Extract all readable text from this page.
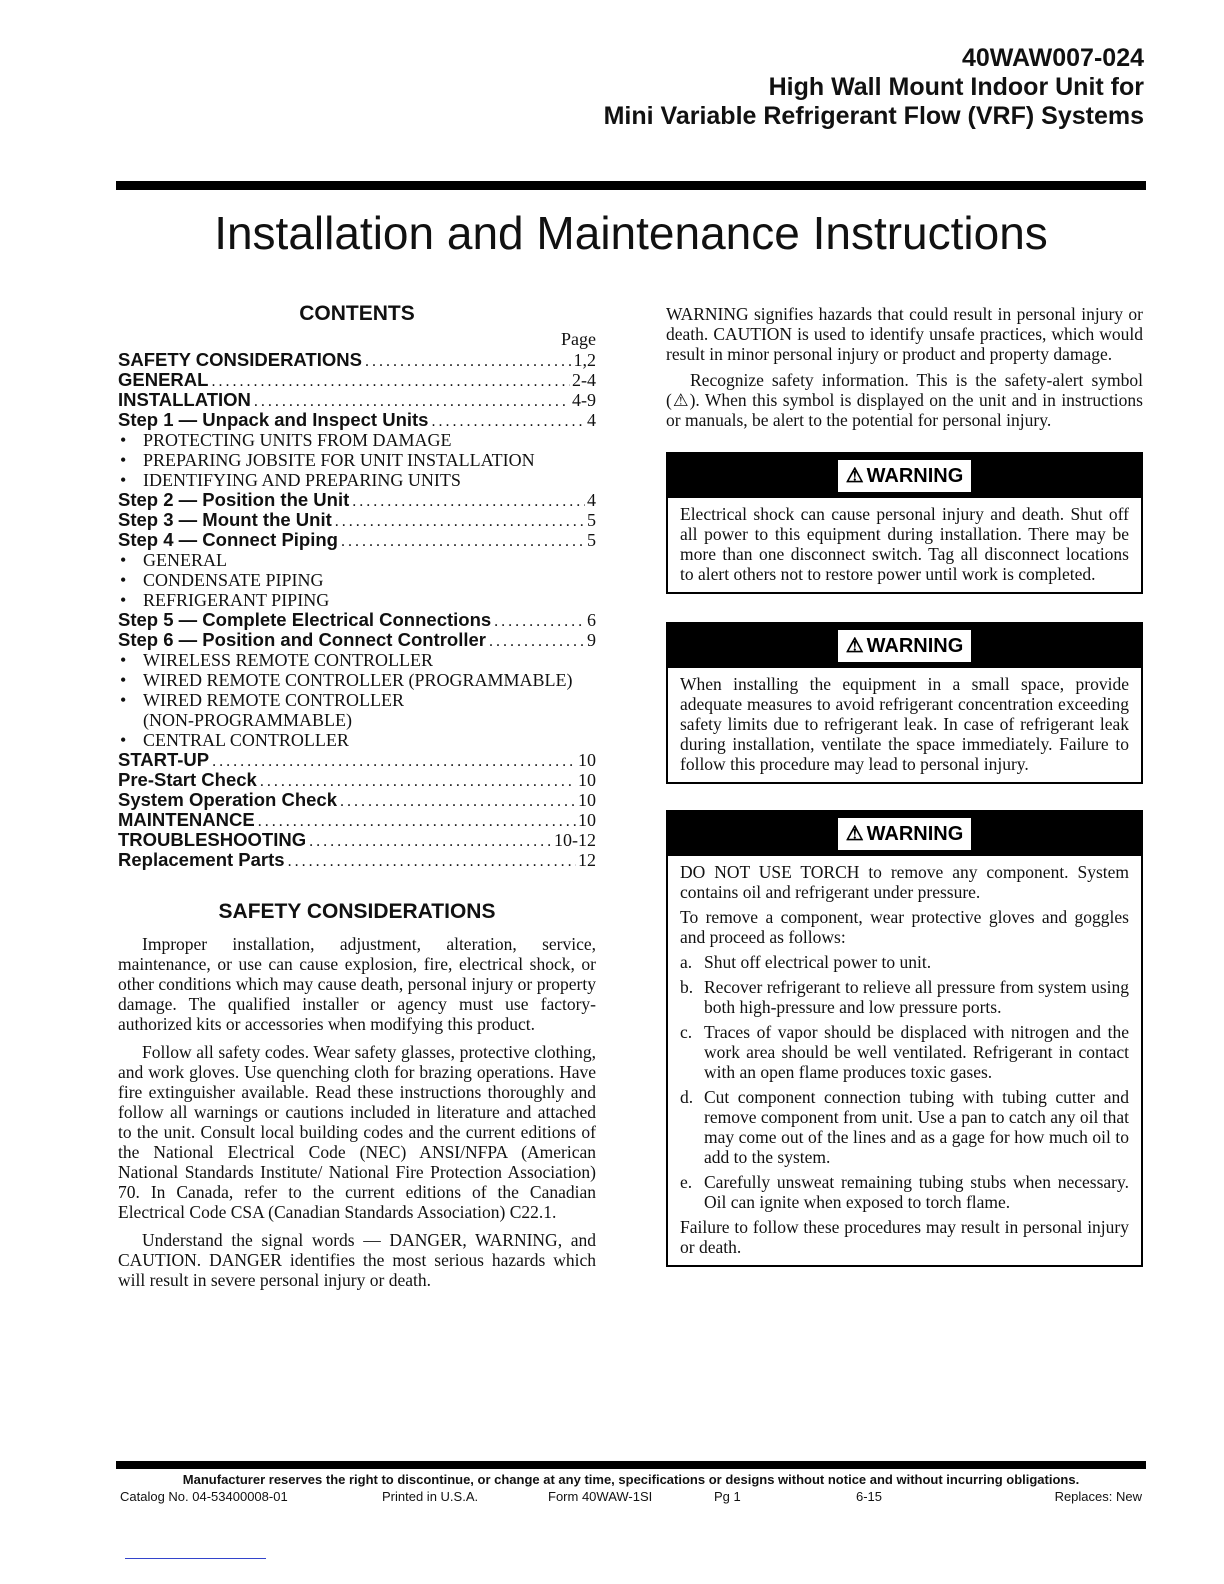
40WAW007-024
High Wall Mount Indoor Unit for
Mini Variable Refrigerant Flow (VRF) Systems
Installation and Maintenance Instructions
CONTENTS
Page
SAFETY CONSIDERATIONS .....	1,2
GENERAL .....	2-4
INSTALLATION .....	4-9
Step 1 — Unpack and Inspect Units .....	4
• PROTECTING UNITS FROM DAMAGE
• PREPARING JOBSITE FOR UNIT INSTALLATION
• IDENTIFYING AND PREPARING UNITS
Step 2 — Position the Unit .....	4
Step 3 — Mount the Unit .....	5
Step 4 — Connect Piping .....	5
• GENERAL
• CONDENSATE PIPING
• REFRIGERANT PIPING
Step 5 — Complete Electrical Connections .....	6
Step 6 — Position and Connect Controller .....	9
• WIRELESS REMOTE CONTROLLER
• WIRED REMOTE CONTROLLER (PROGRAMMABLE)
• WIRED REMOTE CONTROLLER
(NON-PROGRAMMABLE)
• CENTRAL CONTROLLER
START-UP .....	10
Pre-Start Check .....	10
System Operation Check .....	10
MAINTENANCE .....	10
TROUBLESHOOTING .....	10-12
Replacement Parts .....	12
SAFETY CONSIDERATIONS

Improper installation, adjustment, alteration, service, maintenance, or use can cause explosion, fire, electrical shock, or other conditions which may cause death, personal injury or property damage. The qualified installer or agency must use factory-authorized kits or accessories when modifying this product.

Follow all safety codes. Wear safety glasses, protective clothing, and work gloves. Use quenching cloth for brazing operations. Have fire extinguisher available. Read these instructions thoroughly and follow all warnings or cautions included in literature and attached to the unit. Consult local building codes and the current editions of the National Electrical Code (NEC) ANSI/NFPA (American National Standards Institute/ National Fire Protection Association) 70. In Canada, refer to the current editions of the Canadian Electrical Code CSA (Canadian Standards Association) C22.1.

Understand the signal words — DANGER, WARNING, and CAUTION. DANGER identifies the most serious hazards which will result in severe personal injury or death.

WARNING signifies hazards that could result in personal injury or death. CAUTION is used to identify unsafe practices, which would result in minor personal injury or product and property damage.

Recognize safety information. This is the safety-alert symbol (⚠). When this symbol is displayed on the unit and in instructions or manuals, be alert to the potential for personal injury.

⚠ WARNING

Electrical shock can cause personal injury and death. Shut off all power to this equipment during installation. There may be more than one disconnect switch. Tag all disconnect locations to alert others not to restore power until work is completed.

⚠ WARNING

When installing the equipment in a small space, provide adequate measures to avoid refrigerant concentration exceeding safety limits due to refrigerant leak. In case of refrigerant leak during installation, ventilate the space immediately. Failure to follow this procedure may lead to personal injury.

⚠ WARNING

DO NOT USE TORCH to remove any component. System contains oil and refrigerant under pressure.

To remove a component, wear protective gloves and goggles and proceed as follows:

a. Shut off electrical power to unit.
b. Recover refrigerant to relieve all pressure from system using both high-pressure and low pressure ports.
c. Traces of vapor should be displaced with nitrogen and the work area should be well ventilated. Refrigerant in contact with an open flame produces toxic gases.
d. Cut component connection tubing with tubing cutter and remove component from unit. Use a pan to catch any oil that may come out of the lines and as a gage for how much oil to add to the system.
e. Carefully unsweat remaining tubing stubs when necessary. Oil can ignite when exposed to torch flame.

Failure to follow these procedures may result in personal injury or death.

Manufacturer reserves the right to discontinue, or change at any time, specifications or designs without notice and without incurring obligations.
Catalog No. 04-53400008-01	Printed in U.S.A.	Form 40WAW-1SI	Pg 1	6-15	Replaces: New
